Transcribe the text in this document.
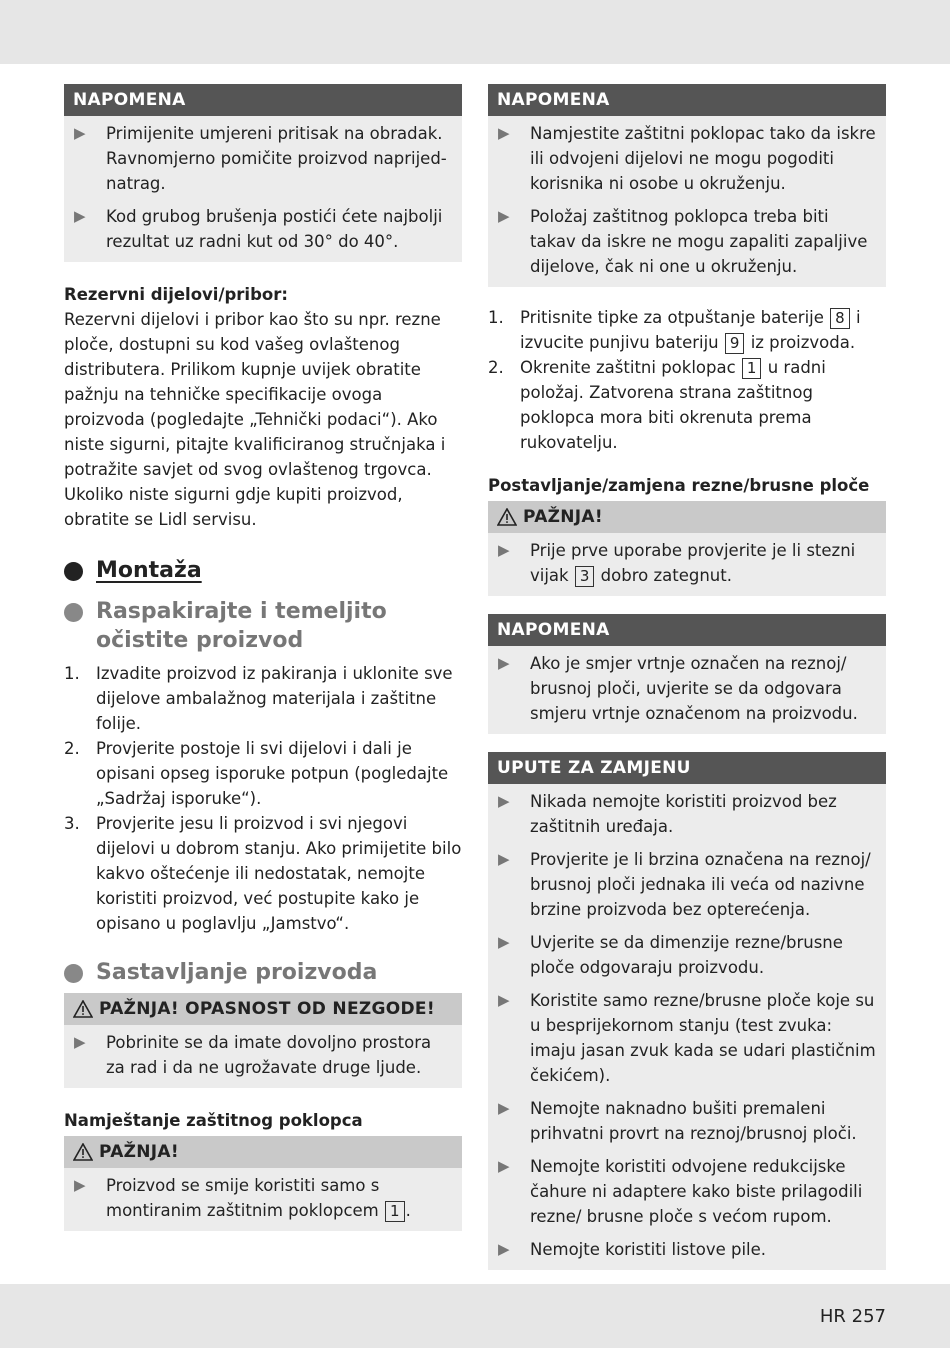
NAPOMENA
▶	Primijenite umjereni pritisak na obradak. Ravnomjerno pomičite proizvod naprijed-natrag.
▶	Kod grubog brušenja postići ćete najbolji rezultat uz radni kut od 30° do 40°.
Rezervni dijelovi/pribor:
Rezervni dijelovi i pribor kao što su npr. rezne ploče, dostupni su kod vašeg ovlaštenog distributera. Prilikom kupnje uvijek obratite pažnju na tehničke specifikacije ovoga proizvoda (pogledajte „Tehnički podaci“). Ako niste sigurni, pitajte kvalificiranog stručnjaka i potražite savjet od svog ovlaštenog trgovca. Ukoliko niste sigurni gdje kupiti proizvod, obratite se Lidl servisu.
Montaža
Raspakirajte i temeljito očistite proizvod
1. Izvadite proizvod iz pakiranja i uklonite sve dijelove ambalažnog materijala i zaštitne folije.
2. Provjerite postoje li svi dijelovi i dali je opisani opseg isporuke potpun (pogledajte „Sadržaj isporuke“).
3. Provjerite jesu li proizvod i svi njegovi dijelovi u dobrom stanju. Ako primijetite bilo kakvo oštećenje ili nedostatak, nemojte koristiti proizvod, već postupite kako je opisano u poglavlju „Jamstvo“.
Sastavljanje proizvoda
PAŽNJA! OPASNOST OD NEZGODE!
▶	Pobrinite se da imate dovoljno prostora za rad i da ne ugrožavate druge ljude.
Namještanje zaštitnog poklopca
PAŽNJA!
▶	Proizvod se smije koristiti samo s montiranim zaštitnim poklopcem 1 .
NAPOMENA
▶	Namjestite zaštitni poklopac tako da iskre ili odvojeni dijelovi ne mogu pogoditi korisnika ni osobe u okruženju.
▶	Položaj zaštitnog poklopca treba biti takav da iskre ne mogu zapaliti zapaljive dijelove, čak ni one u okruženju.
1. Pritisnite tipke za otpuštanje baterije 8 i izvucite punjivu bateriju 9 iz proizvoda.
2. Okrenite zaštitni poklopac 1 u radni položaj. Zatvorena strana zaštitnog poklopca mora biti okrenuta prema rukovatelju.
Postavljanje/zamjena rezne/brusne ploče
PAŽNJA!
▶	Prije prve uporabe provjerite je li stezni vijak 3 dobro zategnut.
NAPOMENA
▶	Ako je smjer vrtnje označen na reznoj/ brusnoj ploči, uvjerite se da odgovara smjeru vrtnje označenom na proizvodu.
UPUTE ZA ZAMJENU
▶	Nikada nemojte koristiti proizvod bez zaštitnih uređaja.
▶	Provjerite je li brzina označena na reznoj/ brusnoj ploči jednaka ili veća od nazivne brzine proizvoda bez opterećenja.
▶	Uvjerite se da dimenzije rezne/brusne ploče odgovaraju proizvodu.
▶	Koristite samo rezne/brusne ploče koje su u besprijekornom stanju (test zvuka: imaju jasan zvuk kada se udari plastičnim čekićem).
▶	Nemojte naknadno bušiti premaleni prihvatni provrt na reznoj/brusnoj ploči.
▶	Nemojte koristiti odvojene redukcijske čahure ni adaptere kako biste prilagodili rezne/ brusne ploče s većom rupom.
▶	Nemojte koristiti listove pile.
HR 257
